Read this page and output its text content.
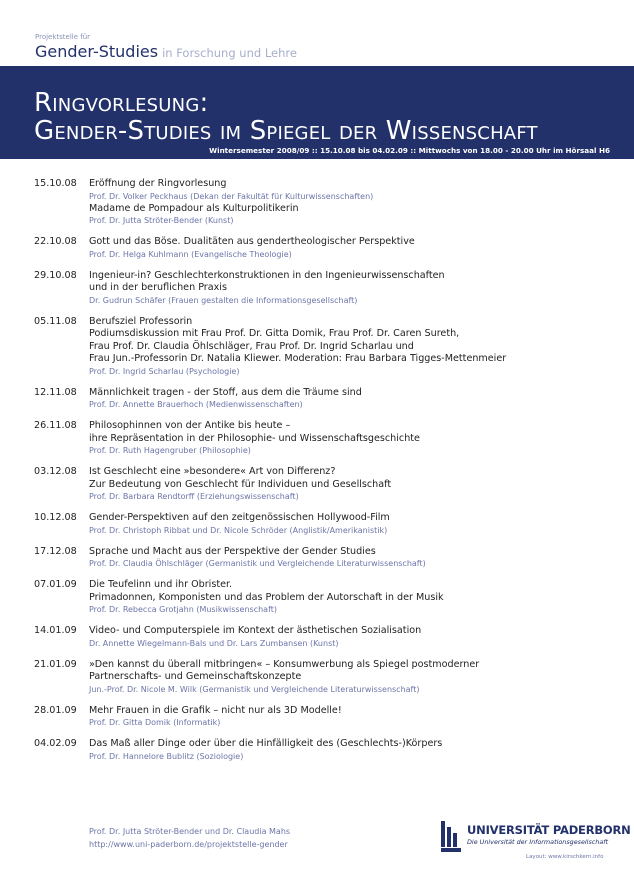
Projektstelle für
Gender-Studies in Forschung und Lehre
Ringvorlesung:
Gender-Studies im Spiegel der Wissenschaft
Wintersemester 2008/09 :: 15.10.08 bis 04.02.09 :: Mittwochs von 18.00 - 20.00 Uhr im Hörsaal H6
15.10.08	Eröffnung der Ringvorlesung
Prof. Dr. Volker Peckhaus (Dekan der Fakultät für Kulturwissenschaften)
Madame de Pompadour als Kulturpolitikerin
Prof. Dr. Jutta Ströter-Bender (Kunst)
22.10.08	Gott und das Böse. Dualitäten aus gendertheologischer Perspektive
Prof. Dr. Helga Kuhlmann (Evangelische Theologie)
29.10.08	Ingenieur-in? Geschlechterkonstruktionen in den Ingenieurwissenschaften
und in der beruflichen Praxis
Dr. Gudrun Schäfer (Frauen gestalten die Informationsgesellschaft)
05.11.08	Berufsziel Professorin
Podiumsdiskussion mit Frau Prof. Dr. Gitta Domik, Frau Prof. Dr. Caren Sureth,
Frau Prof. Dr. Claudia Öhlschläger, Frau Prof. Dr. Ingrid Scharlau und
Frau Jun.-Professorin Dr. Natalia Kliewer. Moderation: Frau Barbara Tigges-Mettenmeier
Prof. Dr. Ingrid Scharlau (Psychologie)
12.11.08	Männlichkeit tragen - der Stoff, aus dem die Träume sind
Prof. Dr. Annette Brauerhoch (Medienwissenschaften)
26.11.08	Philosophinnen von der Antike bis heute –
ihre Repräsentation in der Philosophie- und Wissenschaftsgeschichte
Prof. Dr. Ruth Hagengruber (Philosophie)
03.12.08	Ist Geschlecht eine »besondere« Art von Differenz?
Zur Bedeutung von Geschlecht für Individuen und Gesellschaft
Prof. Dr. Barbara Rendtorff (Erziehungswissenschaft)
10.12.08	Gender-Perspektiven auf den zeitgenössischen Hollywood-Film
Prof. Dr. Christoph Ribbat und Dr. Nicole Schröder (Anglistik/Amerikanistik)
17.12.08	Sprache und Macht aus der Perspektive der Gender Studies
Prof. Dr. Claudia Öhlschläger (Germanistik und Vergleichende Literaturwissenschaft)
07.01.09	Die Teufelinn und ihr Obrister.
Primadonnen, Komponisten und das Problem der Autorschaft in der Musik
Prof. Dr. Rebecca Grotjahn (Musikwissenschaft)
14.01.09	Video- und Computerspiele im Kontext der ästhetischen Sozialisation
Dr. Annette Wiegelmann-Bals und Dr. Lars Zumbansen (Kunst)
21.01.09	»Den kannst du überall mitbringen« – Konsumwerbung als Spiegel postmoderner
Partnerschafts- und Gemeinschaftskonzepte
Jun.-Prof. Dr. Nicole M. Wilk (Germanistik und Vergleichende Literaturwissenschaft)
28.01.09	Mehr Frauen in die Grafik – nicht nur als 3D Modelle!
Prof. Dr. Gitta Domik (Informatik)
04.02.09	Das Maß aller Dinge oder über die Hinfälligkeit des (Geschlechts-)Körpers
Prof. Dr. Hannelore Bublitz (Soziologie)
Prof. Dr. Jutta Ströter-Bender und Dr. Claudia Mahs
http://www.uni-paderborn.de/projektstelle-gender
UNIVERSITÄT PADERBORN
Die Universität der Informationsgesellschaft
Layout: www.kirschkern.info
